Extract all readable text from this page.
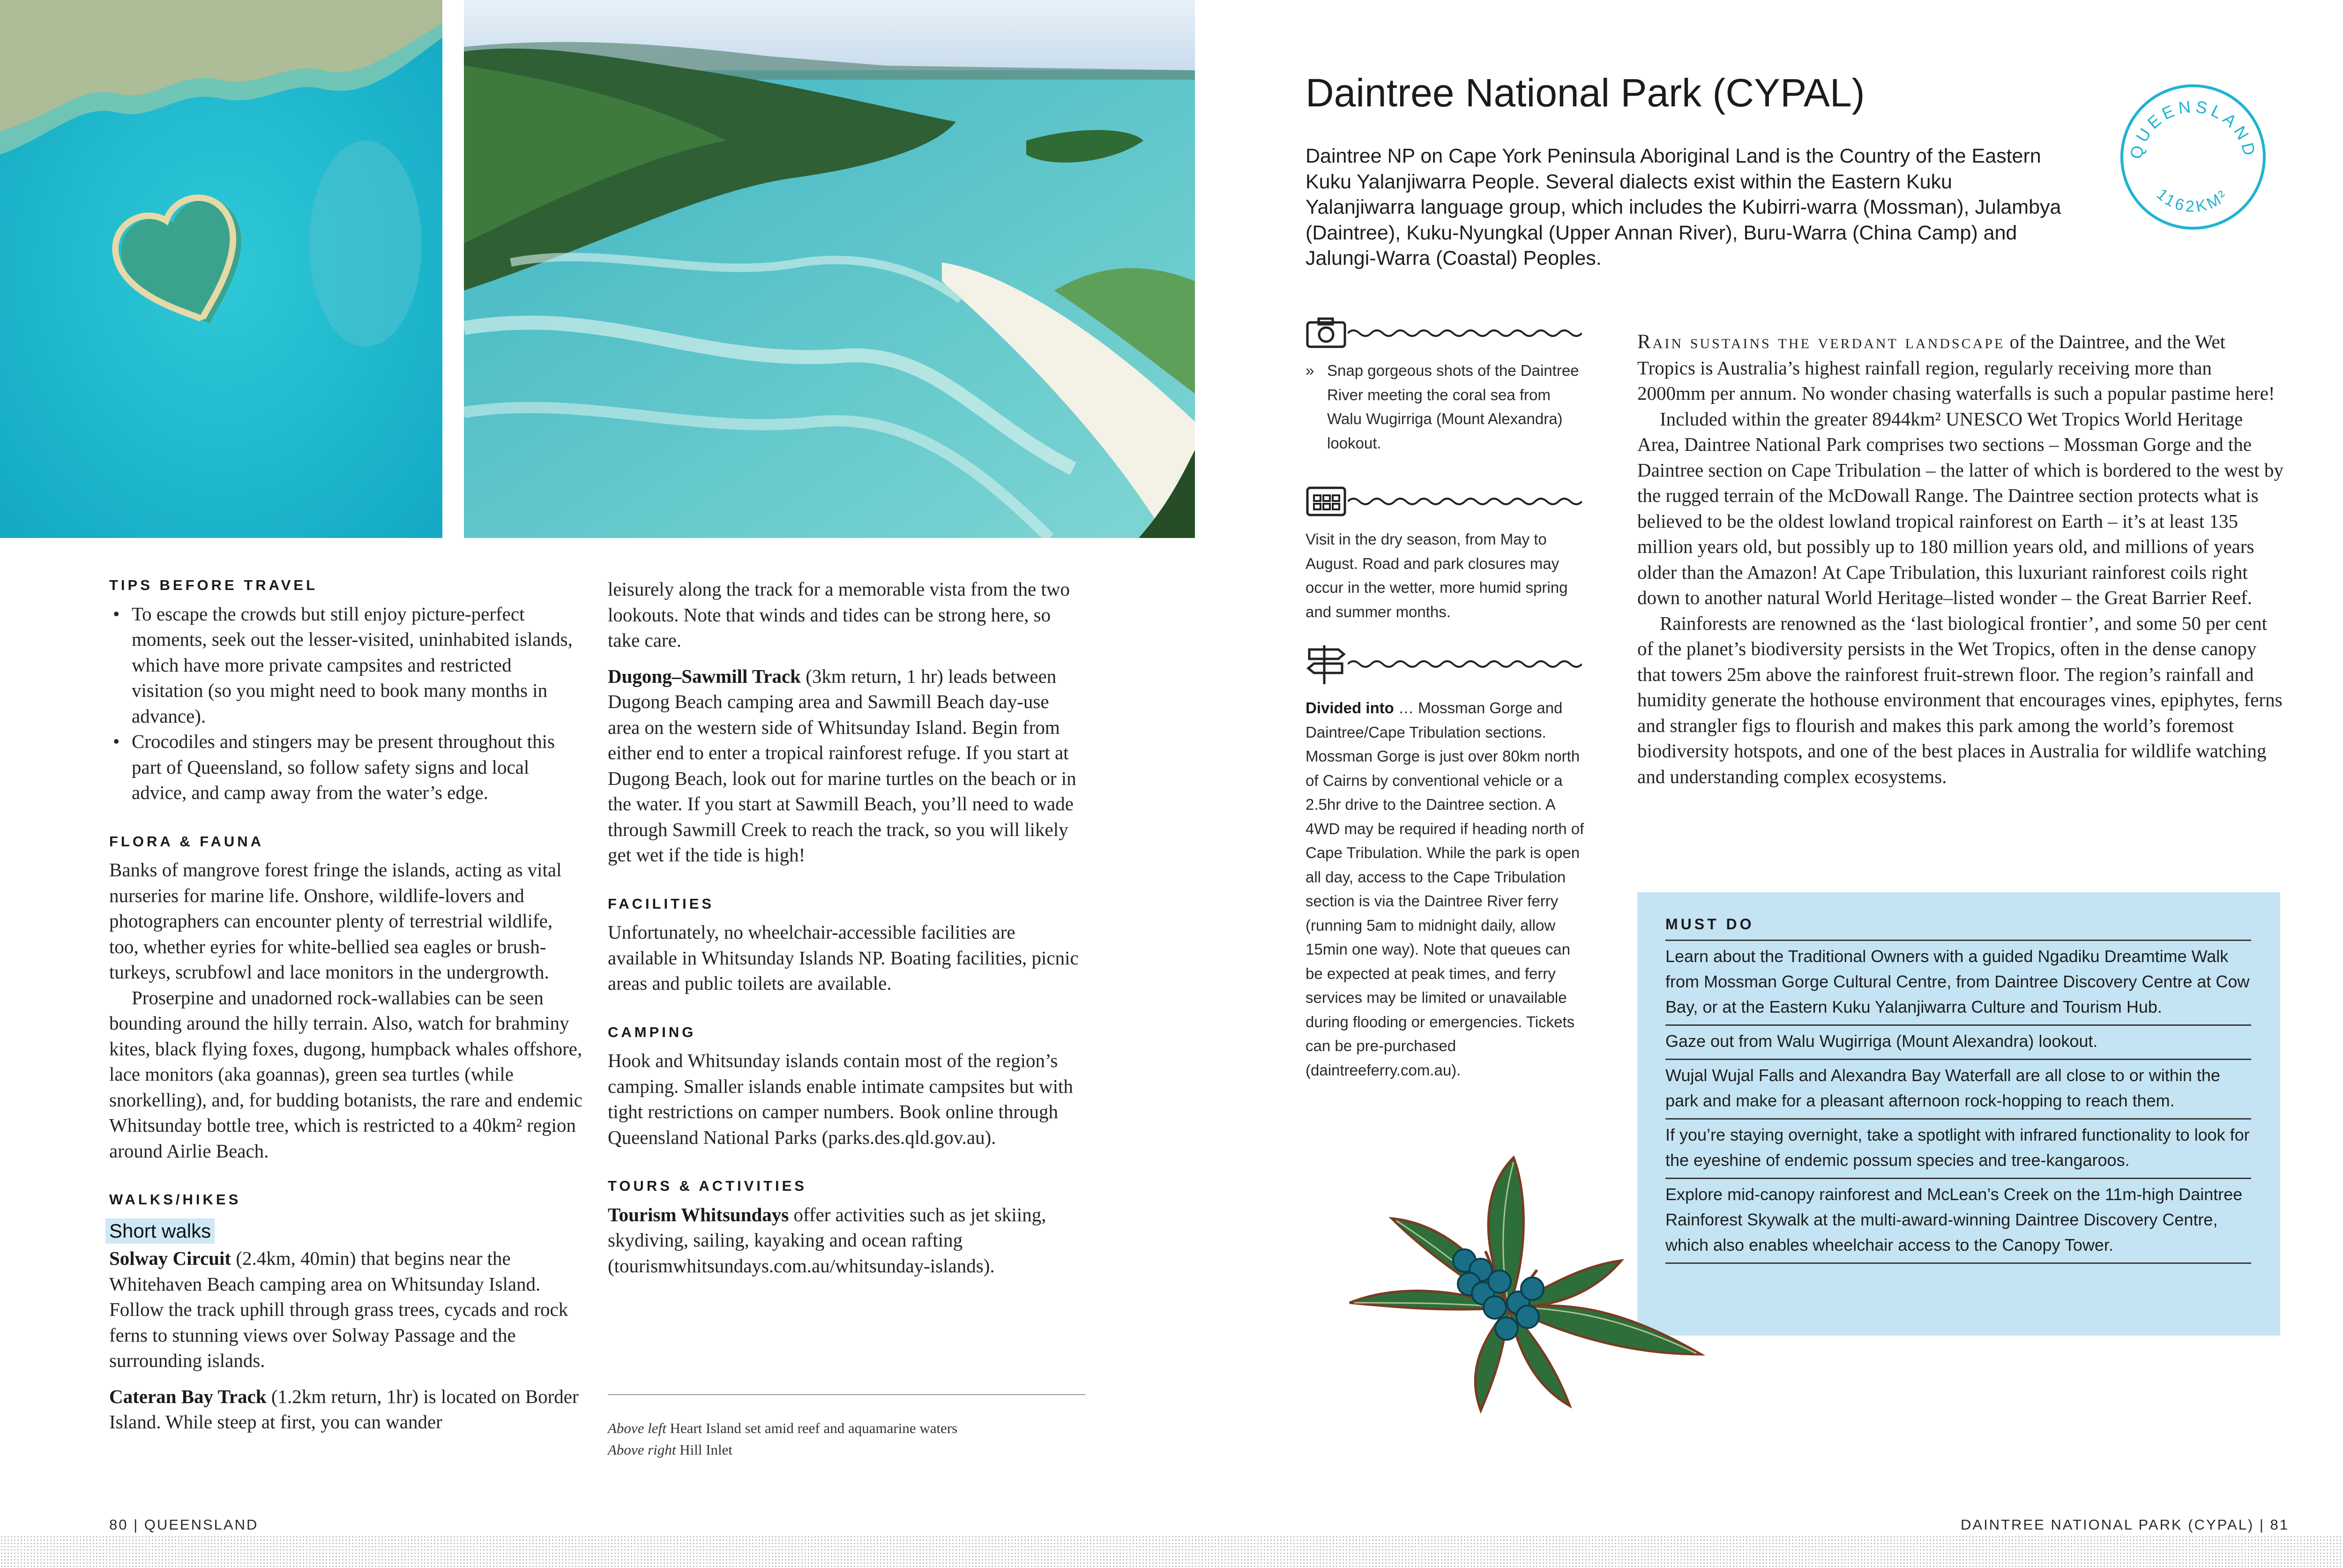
TIPS BEFORE TRAVEL
• To escape the crowds but still enjoy picture-perfect moments, seek out the lesser-visited, uninhabited islands, which have more private campsites and restricted visitation (so you might need to book many months in advance).
• Crocodiles and stingers may be present throughout this part of Queensland, so follow safety signs and local advice, and camp away from the water’s edge.
FLORA & FAUNA

Banks of mangrove forest fringe the islands, acting as vital nurseries for marine life. Onshore, wildlife-lovers and photographers can encounter plenty of terrestrial wildlife, too, whether eyries for white-bellied sea eagles or brush-turkeys, scrubfowl and lace monitors in the undergrowth.

Proserpine and unadorned rock-wallabies can be seen bounding around the hilly terrain. Also, watch for brahminy kites, black flying foxes, dugong, humpback whales offshore, lace monitors (aka goannas), green sea turtles (while snorkelling), and, for budding botanists, the rare and endemic Whitsunday bottle tree, which is restricted to a 40km² region around Airlie Beach.

WALKS/HIKES
Short walks

Solway Circuit (2.4km, 40min) that begins near the Whitehaven Beach camping area on Whitsunday Island. Follow the track uphill through grass trees, cycads and rock ferns to stunning views over Solway Passage and the surrounding islands.

Cateran Bay Track (1.2km return, 1hr) is located on Border Island. While steep at first, you can wander

leisurely along the track for a memorable vista from the two lookouts. Note that winds and tides can be strong here, so take care.

Dugong–Sawmill Track (3km return, 1 hr) leads between Dugong Beach camping area and Sawmill Beach day-use area on the western side of Whitsunday Island. Begin from either end to enter a tropical rainforest refuge. If you start at Dugong Beach, look out for marine turtles on the beach or in the water. If you start at Sawmill Beach, you’ll need to wade through Sawmill Creek to reach the track, so you will likely get wet if the tide is high!

FACILITIES

Unfortunately, no wheelchair-accessible facilities are available in Whitsunday Islands NP. Boating facilities, picnic areas and public toilets are available.

CAMPING

Hook and Whitsunday islands contain most of the region’s camping. Smaller islands enable intimate campsites but with tight restrictions on camper numbers. Book online through Queensland National Parks (parks.des.qld.gov.au).

TOURS & ACTIVITIES

Tourism Whitsundays offer activities such as jet skiing, skydiving, sailing, kayaking and ocean rafting (tourismwhitsundays.com.au/whitsunday-islands).

Above left Heart Island set amid reef and aquamarine waters
Above right Hill Inlet
80 | QUEENSLAND
Daintree National Park (CYPAL)
Daintree NP on Cape York Peninsula Aboriginal Land is the Country of the Eastern Kuku Yalanjiwarra People. Several dialects exist within the Eastern Kuku Yalanjiwarra language group, which includes the Kubirri-warra (Mossman), Julambya (Daintree), Kuku-Nyungkal (Upper Annan River), Buru-Warra (China Camp) and Jalungi-Warra (Coastal) Peoples.
QUEENSLAND
1162KM²
» Snap gorgeous shots of the Daintree River meeting the coral sea from Walu Wugirriga (Mount Alexandra) lookout.
Visit in the dry season, from May to August. Road and park closures may occur in the wetter, more humid spring and summer months.
Divided into … Mossman Gorge and Daintree/Cape Tribulation sections. Mossman Gorge is just over 80km north of Cairns by conventional vehicle or a 2.5hr drive to the Daintree section. A 4WD may be required if heading north of Cape Tribulation. While the park is open all day, access to the Cape Tribulation section is via the Daintree River ferry (running 5am to midnight daily, allow 15min one way). Note that queues can be expected at peak times, and ferry services may be limited or unavailable during flooding or emergencies. Tickets can be pre-purchased (daintreeferry.com.au).

Rain sustains the verdant landscape of the Daintree, and the Wet Tropics is Australia’s highest rainfall region, regularly receiving more than 2000mm per annum. No wonder chasing waterfalls is such a popular pastime here!

Included within the greater 8944km² UNESCO Wet Tropics World Heritage Area, Daintree National Park comprises two sections – Mossman Gorge and the Daintree section on Cape Tribulation – the latter of which is bordered to the west by the rugged terrain of the McDowall Range. The Daintree section protects what is believed to be the oldest lowland tropical rainforest on Earth – it’s at least 135 million years old, but possibly up to 180 million years old, and millions of years older than the Amazon! At Cape Tribulation, this luxuriant rainforest coils right down to another natural World Heritage–listed wonder – the Great Barrier Reef.

Rainforests are renowned as the ‘last biological frontier’, and some 50 per cent of the planet’s biodiversity persists in the Wet Tropics, often in the dense canopy that towers 25m above the rainforest fruit-strewn floor. The region’s rainfall and humidity generate the hothouse environment that encourages vines, epiphytes, ferns and strangler figs to flourish and makes this park among the world’s foremost biodiversity hotspots, and one of the best places in Australia for wildlife watching and understanding complex ecosystems.

MUST DO
Learn about the Traditional Owners with a guided Ngadiku Dreamtime Walk from Mossman Gorge Cultural Centre, from Daintree Discovery Centre at Cow Bay, or at the Eastern Kuku Yalanjiwarra Culture and Tourism Hub.
Gaze out from Walu Wugirriga (Mount Alexandra) lookout.
Wujal Wujal Falls and Alexandra Bay Waterfall are all close to or within the park and make for a pleasant afternoon rock-hopping to reach them.
If you’re staying overnight, take a spotlight with infrared functionality to look for the eyeshine of endemic possum species and tree-kangaroos.
Explore mid-canopy rainforest and McLean’s Creek on the 11m-high Daintree Rainforest Skywalk at the multi-award-winning Daintree Discovery Centre, which also enables wheelchair access to the Canopy Tower.
DAINTREE NATIONAL PARK (CYPAL) | 81
